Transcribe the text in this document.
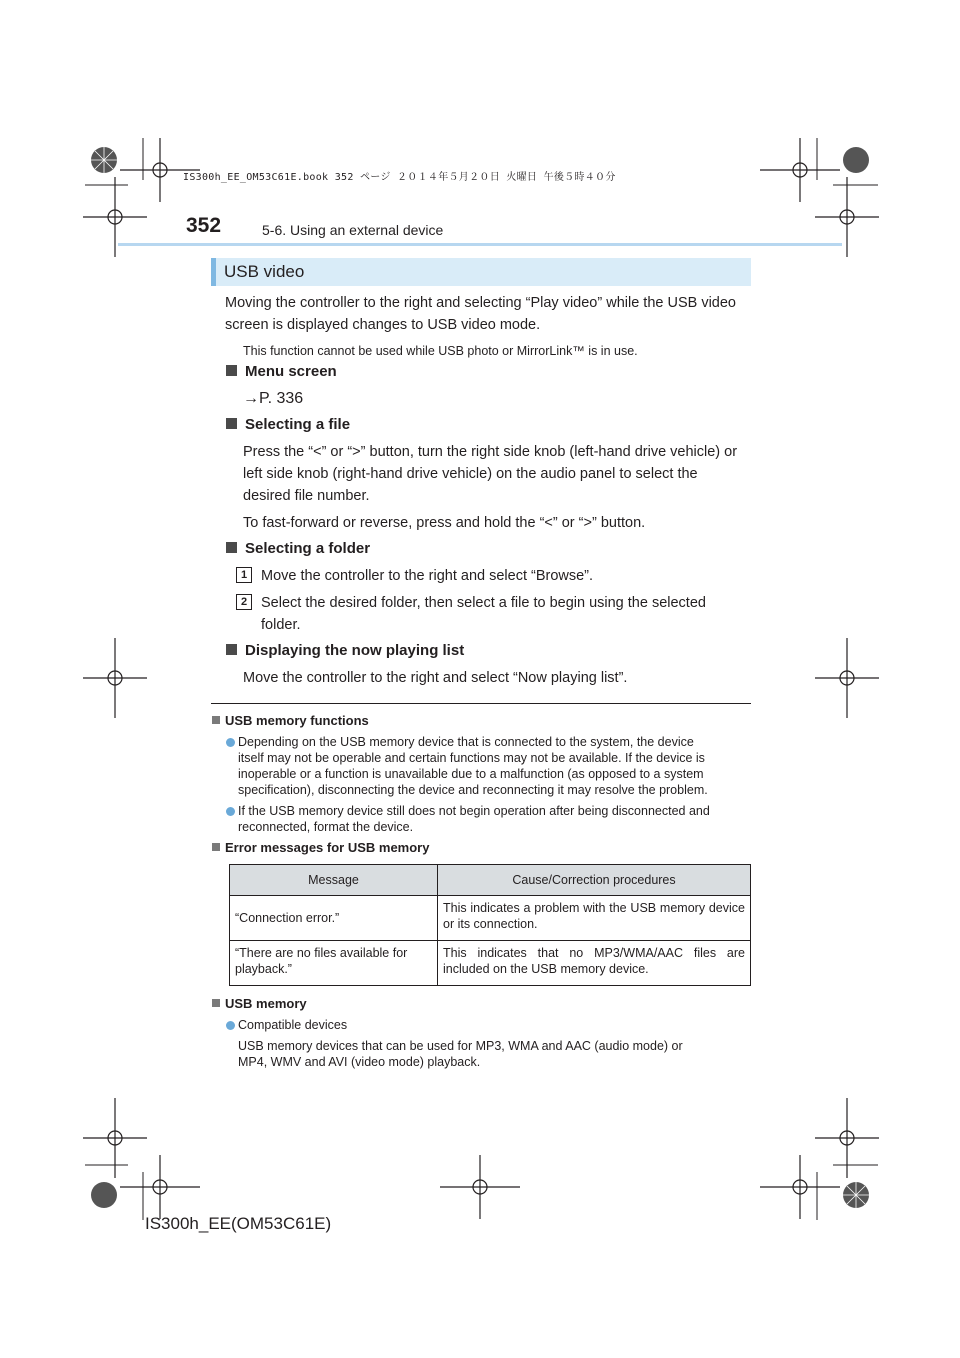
IS300h_EE_OM53C61E.book 352 ページ ２０１４年５月２０日 火曜日 午後５時４０分
352	5-6. Using an external device
USB video
Moving the controller to the right and selecting “Play video” while the USB video
screen is displayed changes to USB video mode.
This function cannot be used while USB photo or MirrorLink™ is in use.
Menu screen
→P. 336
Selecting a file
Press the “<” or “>” button, turn the right side knob (left-hand drive vehicle) or
left side knob (right-hand drive vehicle) on the audio panel to select the
desired file number.
To fast-forward or reverse, press and hold the “<” or “>” button.
Selecting a folder
1 Move the controller to the right and select “Browse”.
2 Select the desired folder, then select a file to begin using the selected
folder.
Displaying the now playing list
Move the controller to the right and select “Now playing list”.
USB memory functions
Depending on the USB memory device that is connected to the system, the device
itself may not be operable and certain functions may not be available. If the device is
inoperable or a function is unavailable due to a malfunction (as opposed to a system
specification), disconnecting the device and reconnecting it may resolve the problem.
If the USB memory device still does not begin operation after being disconnected and
reconnected, format the device.
Error messages for USB memory
Message	Cause/Correction procedures
“Connection error.”	This indicates a problem with the USB memory device or its connection.
“There are no files available for playback.”	This indicates that no MP3/WMA/AAC files are included on the USB memory device.
USB memory
Compatible devices
USB memory devices that can be used for MP3, WMA and AAC (audio mode) or
MP4, WMV and AVI (video mode) playback.
IS300h_EE(OM53C61E)
